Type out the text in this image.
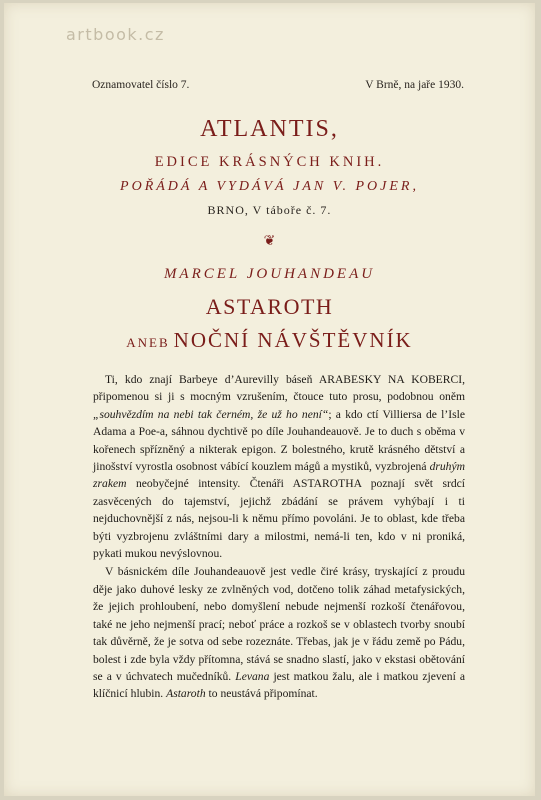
artbook.cz
Oznamovatel číslo 7.	V Brně, na jaře 1930.
ATLANTIS,
EDICE KRÁSNÝCH KNIH.
POŘÁDÁ A VYDÁVÁ JAN V. POJER,
BRNO, V táboře č. 7.
❦
MARCEL JOUHANDEAU
ASTAROTH
ANEB NOČNÍ NÁVŠTĚVNÍK

Ti, kdo znají Barbeye d’Aurevilly báseň ARABESKY NA KOBERCI, připomenou si ji s mocným vzrušením, čtouce tuto prosu, podobnou oněm „souhvězdím na nebi tak černém, že už ho není“; a kdo ctí Villiersa de l’Isle Adama a Poe-a, sáhnou dychtivě po díle Jouhandeauově. Je to duch s oběma v kořenech spřízněný a nikterak epigon. Z bolestného, krutě krásného dětství a jinošství vyrostla osobnost vábící kouzlem mágů a mystiků, vyzbrojená druhým zrakem neobyčejné intensity. Čtenáři ASTAROTHA poznají svět srdcí zasvěcených do tajemství, jejichž zbádání se právem vyhýbají i ti nejduchovnější z nás, nejsou-li k němu přímo povoláni. Je to oblast, kde třeba býti vyzbrojenu zvláštními dary a milostmi, nemá-li ten, kdo v ni proniká, pykati mukou nevýslovnou.

V básnickém díle Jouhandeauově jest vedle čiré krásy, tryskající z proudu děje jako duhové lesky ze zvlněných vod, dotčeno tolik záhad metafysických, že jejich prohloubení, nebo domyšlení nebude nejmenší rozkoší čtenářovou, také ne jeho nejmenší prací; neboť práce a rozkoš se v oblastech tvorby snoubí tak důvěrně, že je sotva od sebe rozeznáte. Třebas, jak je v řádu země po Pádu, bolest i zde byla vždy přítomna, stává se snadno slastí, jako v ekstasi obětování se a v úchvatech mučedníků. Levana jest matkou žalu, ale i matkou zjevení a klíčnicí hlubin. Astaroth to neustává připomínat.
